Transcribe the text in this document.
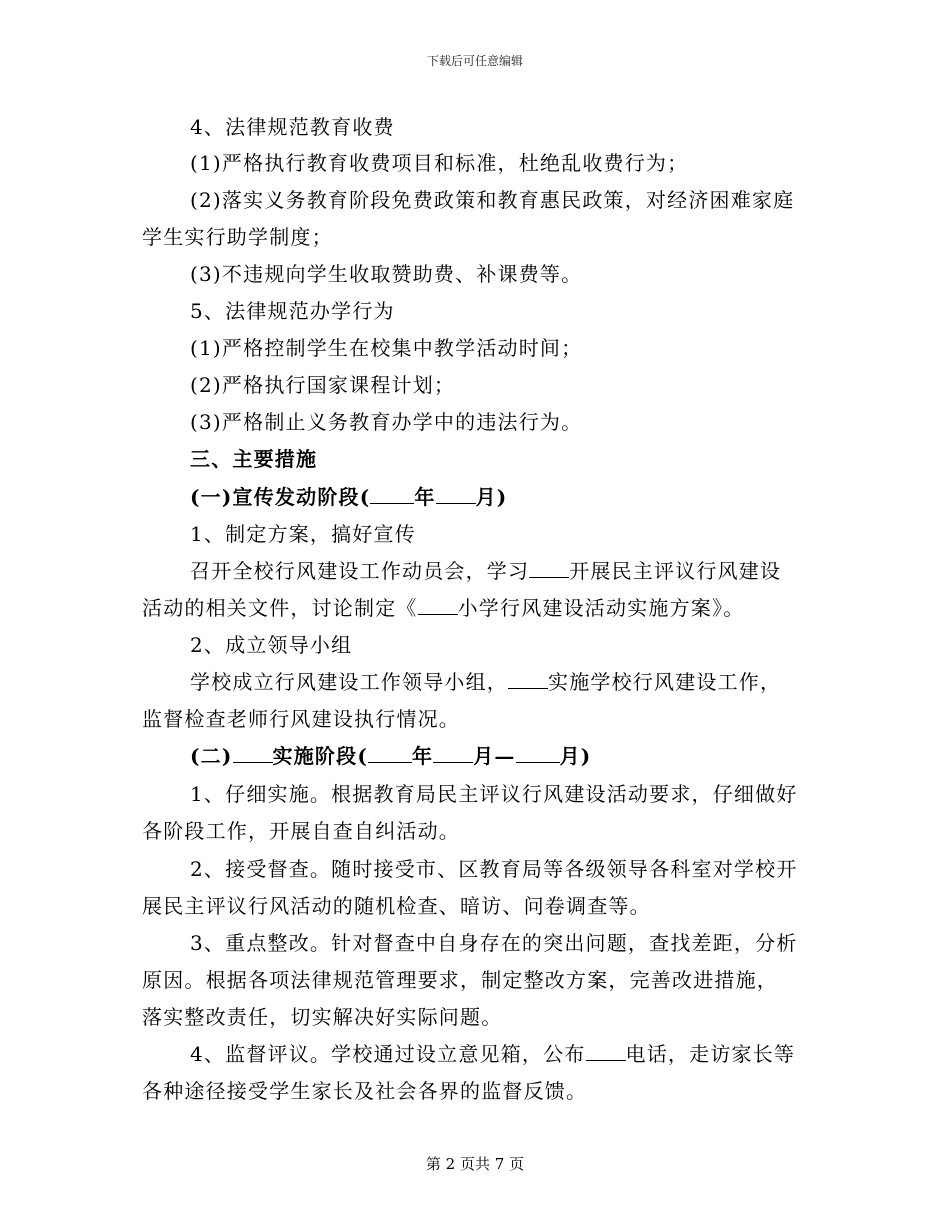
下载后可任意编辑
4、法律规范教育收费
(1)严格执行教育收费项目和标准，杜绝乱收费行为；
(2)落实义务教育阶段免费政策和教育惠民政策，对经济困难家庭
学生实行助学制度；
(3)不违规向学生收取赞助费、补课费等。
5、法律规范办学行为
(1)严格控制学生在校集中教学活动时间；
(2)严格执行国家课程计划；
(3)严格制止义务教育办学中的违法行为。
三、主要措施
(一)宣传发动阶段( 年 月)
1、制定方案，搞好宣传
召开全校行风建设工作动员会，学习 开展民主评议行风建设
活动的相关文件，讨论制定《 小学行风建设活动实施方案》。
2、成立领导小组
学校成立行风建设工作领导小组， 实施学校行风建设工作，
监督检查老师行风建设执行情况。
(二) 实施阶段( 年 月— 月)
1、仔细实施。根据教育局民主评议行风建设活动要求，仔细做好
各阶段工作，开展自查自纠活动。
2、接受督查。随时接受市、区教育局等各级领导各科室对学校开
展民主评议行风活动的随机检查、暗访、问卷调查等。
3、重点整改。针对督查中自身存在的突出问题，查找差距，分析
原因。根据各项法律规范管理要求，制定整改方案，完善改进措施，
落实整改责任，切实解决好实际问题。
4、监督评议。学校通过设立意见箱，公布 电话，走访家长等
各种途径接受学生家长及社会各界的监督反馈。
第 2 页共 7 页
